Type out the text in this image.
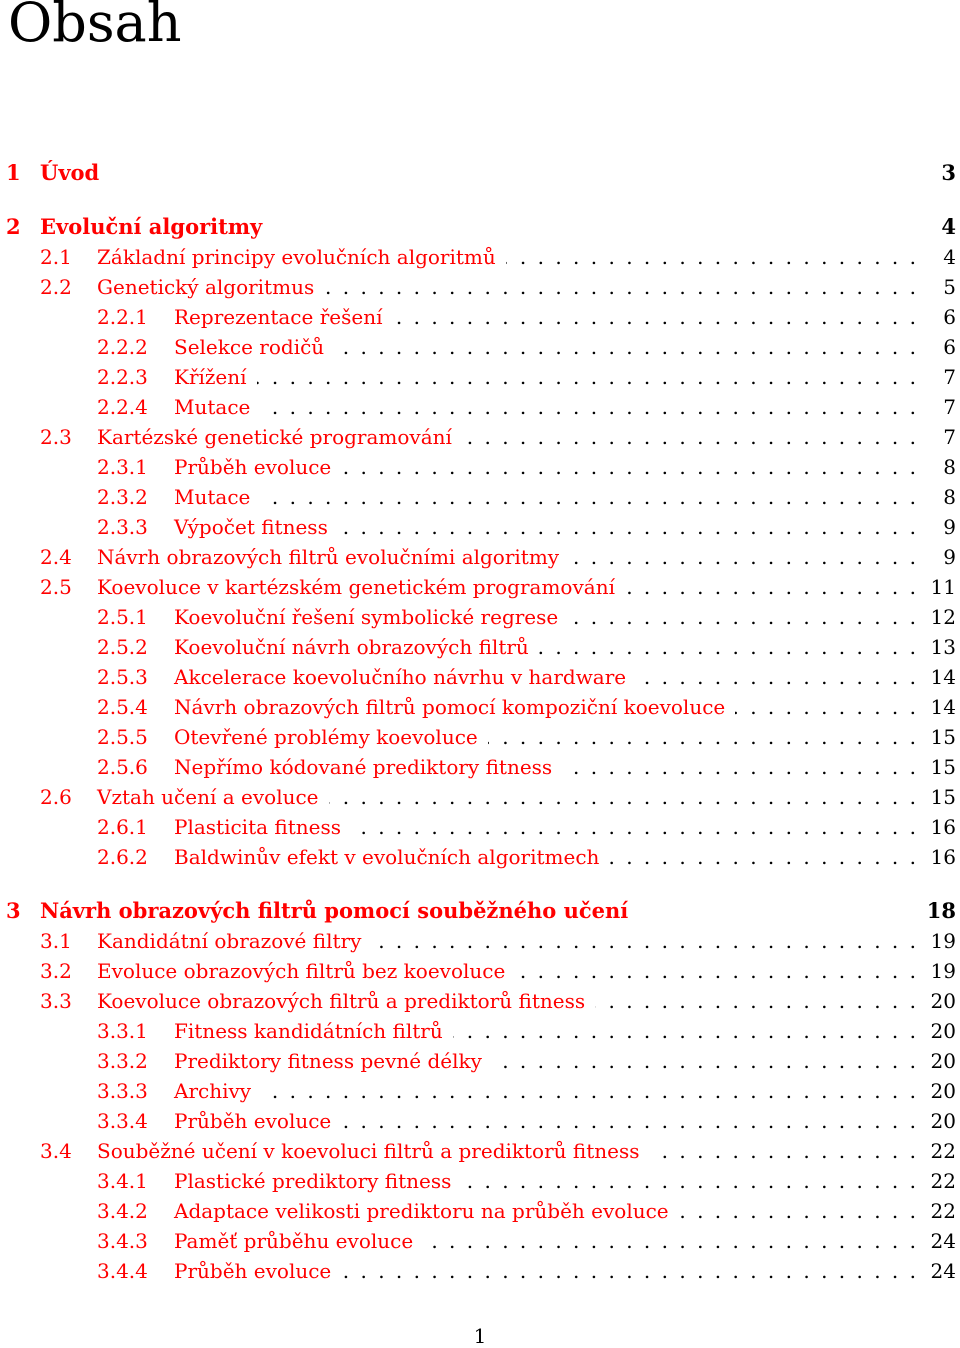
Obsah
1 Úvod	3
2 Evoluční algoritmy	4
2.1 Základní principy evolučních algoritmů . . .	4
2.2 Genetický algoritmus . . .	5
2.2.1 Reprezentace řešení . . .	6
2.2.2 Selekce rodičů . . .	6
2.2.3 Křížení . . .	7
2.2.4 Mutace . . .	7
2.3 Kartézské genetické programování . . .	7
2.3.1 Průběh evoluce . . .	8
2.3.2 Mutace . . .	8
2.3.3 Výpočet fitness . . .	9
2.4 Návrh obrazových filtrů evolučními algoritmy . . .	9
2.5 Koevoluce v kartézském genetickém programování . . .	11
2.5.1 Koevoluční řešení symbolické regrese . . .	12
2.5.2 Koevoluční návrh obrazových filtrů . . .	13
2.5.3 Akcelerace koevolučního návrhu v hardware . . .	14
2.5.4 Návrh obrazových filtrů pomocí kompoziční koevoluce . . .	14
2.5.5 Otevřené problémy koevoluce . . .	15
2.5.6 Nepřímo kódované prediktory fitness . . .	15
2.6 Vztah učení a evoluce . . .	15
2.6.1 Plasticita fitness . . .	16
2.6.2 Baldwinův efekt v evolučních algoritmech . . .	16
3 Návrh obrazových filtrů pomocí souběžného učení	18
3.1 Kandidátní obrazové filtry . . .	19
3.2 Evoluce obrazových filtrů bez koevoluce . . .	19
3.3 Koevoluce obrazových filtrů a prediktorů fitness . . .	20
3.3.1 Fitness kandidátních filtrů . . .	20
3.3.2 Prediktory fitness pevné délky . . .	20
3.3.3 Archivy . . .	20
3.3.4 Průběh evoluce . . .	20
3.4 Souběžné učení v koevoluci filtrů a prediktorů fitness . . .	22
3.4.1 Plastické prediktory fitness . . .	22
3.4.2 Adaptace velikosti prediktoru na průběh evoluce . . .	22
3.4.3 Paměť průběhu evoluce . . .	24
3.4.4 Průběh evoluce . . .	24
1
